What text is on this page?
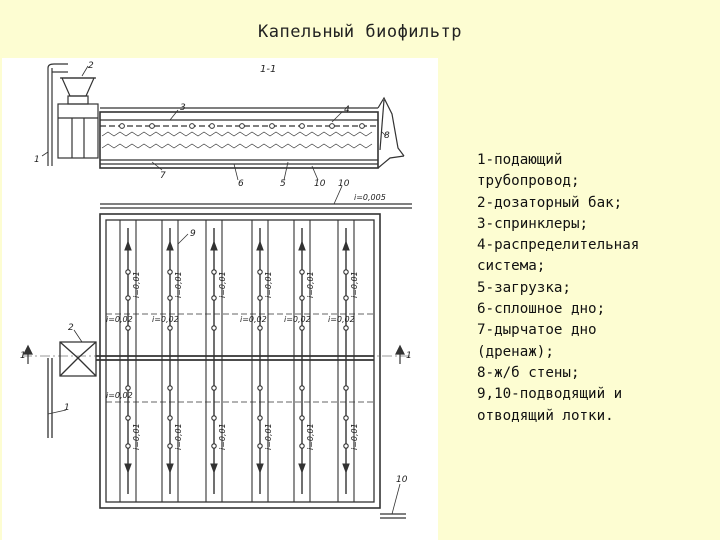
Капельный биофильтр
1-1
1
2
3	4
5
6
7
8
10
i=0,01
i=0,01
i=0,01
i=0,01
i=0,01
i=0,01
i=0,01
i=0,01
i=0,01
i=0,01
i=0,01
i=0,01
i=0,02
i=0,02
i=0,02	i=0,02 i=0,02 i=0,02
1
2
9
10
1	1
10
i=0,005
1-подающий
трубопровод;
2-дозаторный бак;
3-спринклеры;
4-распределительная
система;
5-загрузка;
6-сплошное дно;
7-дырчатое дно
(дренаж);
8-ж/б стены;
9,10-подводящий и
отводящий лотки.
